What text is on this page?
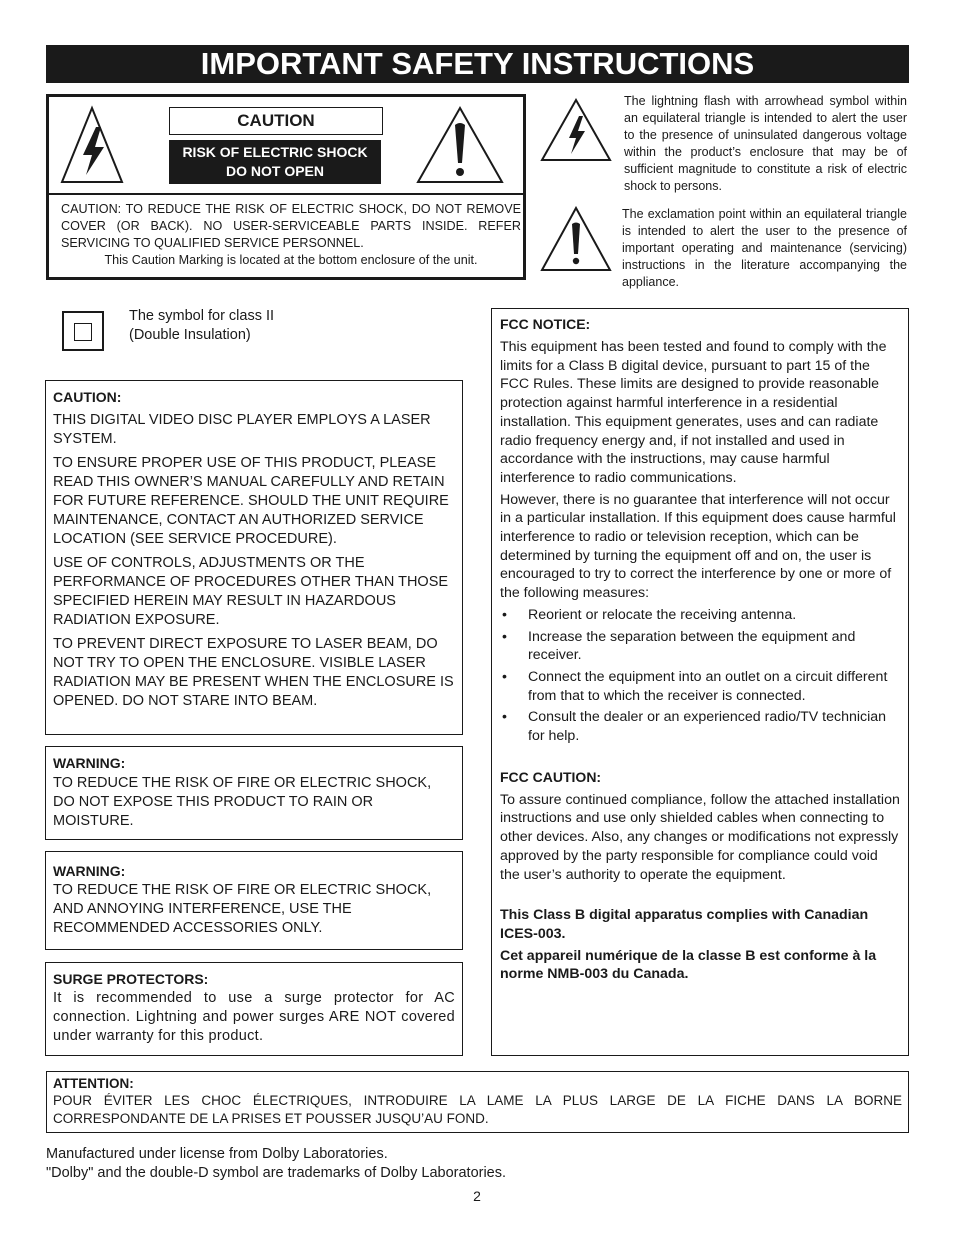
IMPORTANT SAFETY INSTRUCTIONS
CAUTION
RISK OF ELECTRIC SHOCK
DO NOT OPEN
CAUTION: TO REDUCE THE RISK OF ELECTRIC SHOCK, DO NOT REMOVE COVER (OR BACK). NO USER-SERVICEABLE PARTS INSIDE. REFER SERVICING TO QUALIFIED SERVICE PERSONNEL.
This Caution Marking is located at the bottom enclosure of the unit.
The lightning flash with arrowhead symbol within an equilateral triangle is intended to alert the user to the presence of uninsulated dangerous voltage within the product’s enclosure that may be of sufficient magnitude to constitute a risk of electric shock to persons.
The exclamation point within an equilateral triangle is intended to alert the user to the presence of important operating and maintenance (servicing) instructions in the literature accompanying the appliance.
The symbol for class II
(Double Insulation)
CAUTION:

THIS DIGITAL VIDEO DISC PLAYER EMPLOYS A LASER SYSTEM.

TO ENSURE PROPER USE OF THIS PRODUCT, PLEASE READ THIS OWNER’S MANUAL CAREFULLY AND RETAIN FOR FUTURE REFERENCE. SHOULD THE UNIT REQUIRE MAINTENANCE, CONTACT AN AUTHORIZED SERVICE LOCATION (SEE SERVICE PROCEDURE).

USE OF CONTROLS, ADJUSTMENTS OR THE PERFORMANCE OF PROCEDURES OTHER THAN THOSE SPECIFIED HEREIN MAY RESULT IN HAZARDOUS RADIATION EXPOSURE.

TO PREVENT DIRECT EXPOSURE TO LASER BEAM, DO NOT TRY TO OPEN THE ENCLOSURE. VISIBLE LASER RADIATION MAY BE PRESENT WHEN THE ENCLOSURE IS OPENED. DO NOT STARE INTO BEAM.

WARNING:

TO REDUCE THE RISK OF FIRE OR ELECTRIC SHOCK, DO NOT EXPOSE THIS PRODUCT TO RAIN OR MOISTURE.

WARNING:

TO REDUCE THE RISK OF FIRE OR ELECTRIC SHOCK, AND ANNOYING INTERFERENCE, USE THE RECOMMENDED ACCESSORIES ONLY.

SURGE PROTECTORS:

It is recommended to use a surge protector for AC connection. Lightning and power surges ARE NOT covered under warranty for this product.

FCC NOTICE:

This equipment has been tested and found to comply with the limits for a Class B digital device, pursuant to part 15 of the FCC Rules. These limits are designed to provide reasonable protection against harmful interference in a residential installation. This equipment generates, uses and can radiate radio frequency energy and, if not installed and used in accordance with the instructions, may cause harmful interference to radio communications.

However, there is no guarantee that interference will not occur in a particular installation. If this equipment does cause harmful interference to radio or television reception, which can be determined by turning the equipment off and on, the user is encouraged to try to correct the interference by one or more of the following measures:

• Reorient or relocate the receiving antenna.
• Increase the separation between the equipment and receiver.
• Connect the equipment into an outlet on a circuit different from that to which the receiver is connected.
• Consult the dealer or an experienced radio/TV technician for help.
FCC CAUTION:

To assure continued compliance, follow the attached installation instructions and use only shielded cables when connecting to other devices. Also, any changes or modifications not expressly approved by the party responsible for compliance could void the user’s authority to operate the equipment.

This Class B digital apparatus complies with Canadian ICES-003.

Cet appareil numérique de la classe B est conforme à la norme NMB-003 du Canada.

ATTENTION:
POUR ÉVITER LES CHOC ÉLECTRIQUES, INTRODUIRE LA LAME LA PLUS LARGE DE LA FICHE DANS LA BORNE CORRESPONDANTE DE LA PRISES ET POUSSER JUSQU’AU FOND.
Manufactured under license from Dolby Laboratories.
"Dolby" and the double-D symbol are trademarks of Dolby Laboratories.
2
